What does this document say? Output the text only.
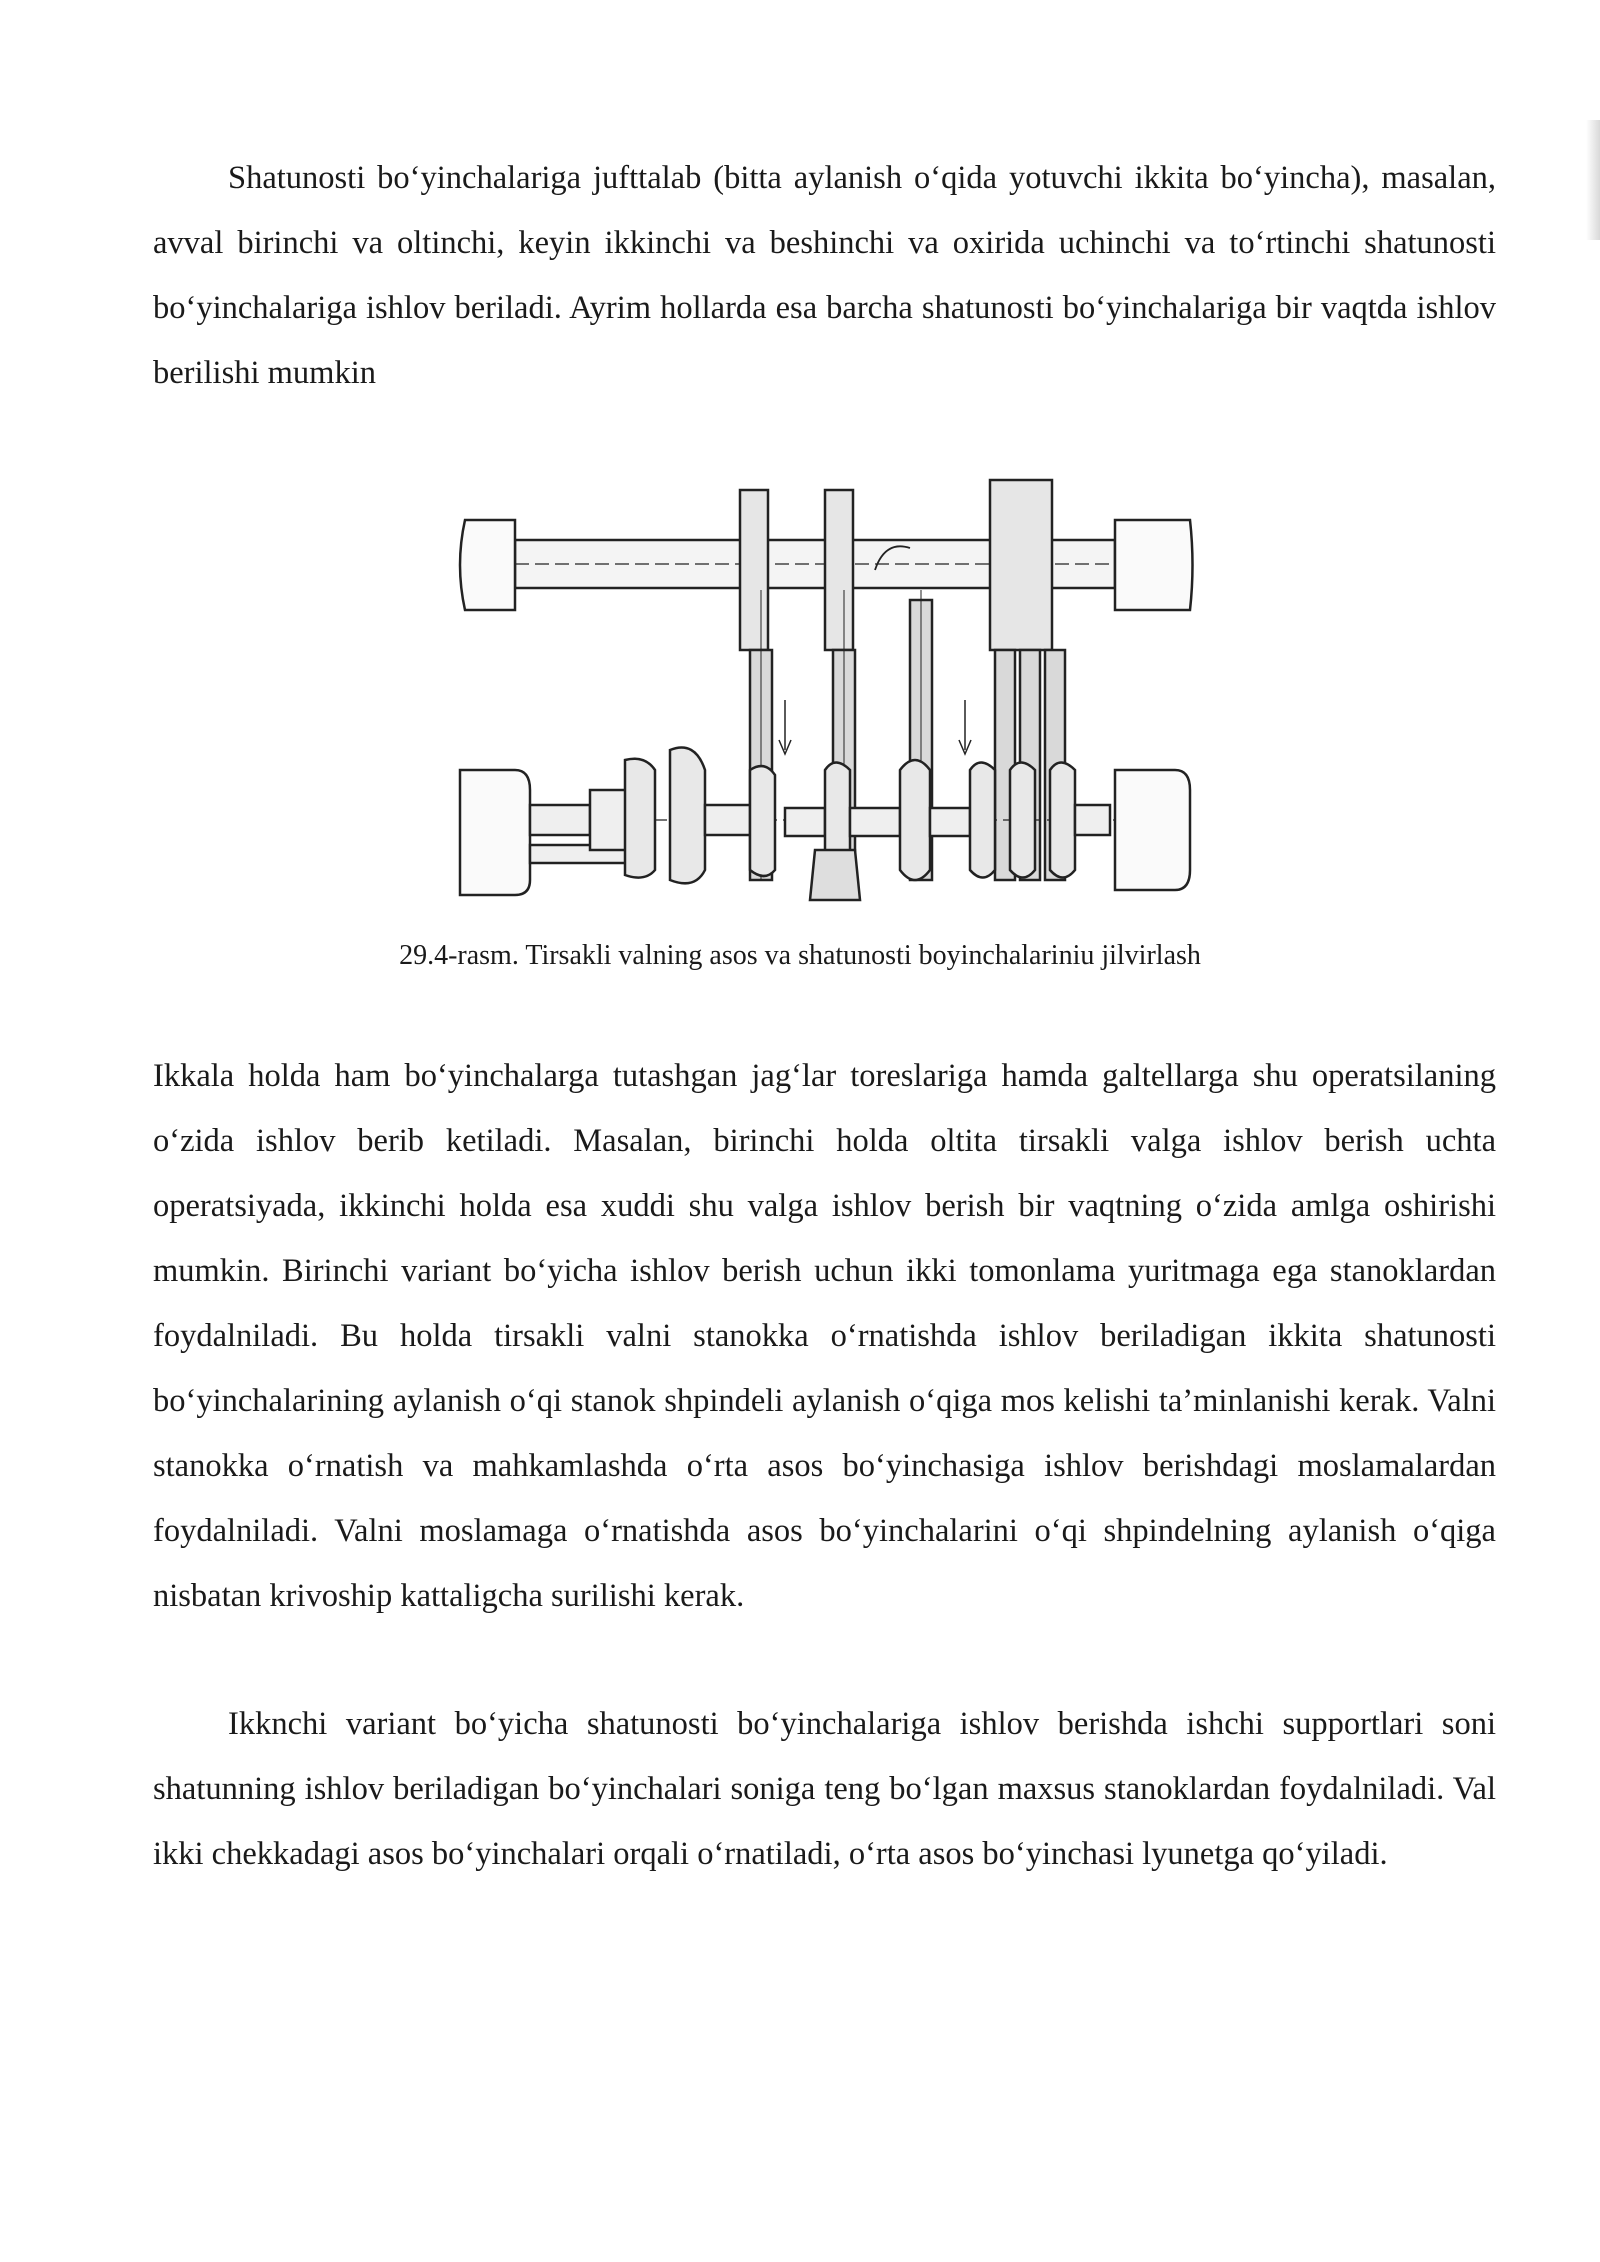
Shatunosti bo‘yinchalariga jufttalab (bitta aylanish o‘qida yotuvchi ikkita bo‘yincha), masalan, avval birinchi va oltinchi, keyin ikkinchi va beshinchi va oxirida uchinchi va to‘rtinchi shatunosti bo‘yinchalariga ishlov beriladi. Ayrim hollarda esa barcha shatunosti bo‘yinchalariga bir vaqtda ishlov berilishi mumkin

29.4-rasm. Tirsakli valning asos va shatunosti boyinchalariniu jilvirlash

Ikkala holda ham bo‘yinchalarga tutashgan jag‘lar toreslariga hamda galtellarga shu operatsilaning o‘zida ishlov berib ketiladi. Masalan, birinchi holda oltita tirsakli valga ishlov berish uchta operatsiyada, ikkinchi holda esa xuddi shu valga ishlov berish bir vaqtning o‘zida amlga oshirishi mumkin. Birinchi variant bo‘yicha ishlov berish uchun ikki tomonlama yuritmaga ega stanoklardan foydalniladi. Bu holda tirsakli valni stanokka o‘rnatishda ishlov beriladigan ikkita shatunosti bo‘yinchalarining aylanish o‘qi stanok shpindeli aylanish o‘qiga mos kelishi ta’minlanishi kerak. Valni stanokka o‘rnatish va mahkamlashda o‘rta asos bo‘yinchasiga ishlov berishdagi moslamalardan foydalniladi. Valni moslamaga o‘rnatishda asos bo‘yinchalarini o‘qi shpindelning aylanish o‘qiga nisbatan krivoship kattaligcha surilishi kerak.

Ikknchi variant bo‘yicha shatunosti bo‘yinchalariga ishlov berishda ishchi supportlari soni shatunning ishlov beriladigan bo‘yinchalari soniga teng bo‘lgan maxsus stanoklardan foydalniladi. Val ikki chekkadagi asos bo‘yinchalari orqali o‘rnatiladi, o‘rta asos bo‘yinchasi lyunetga qo‘yiladi.
